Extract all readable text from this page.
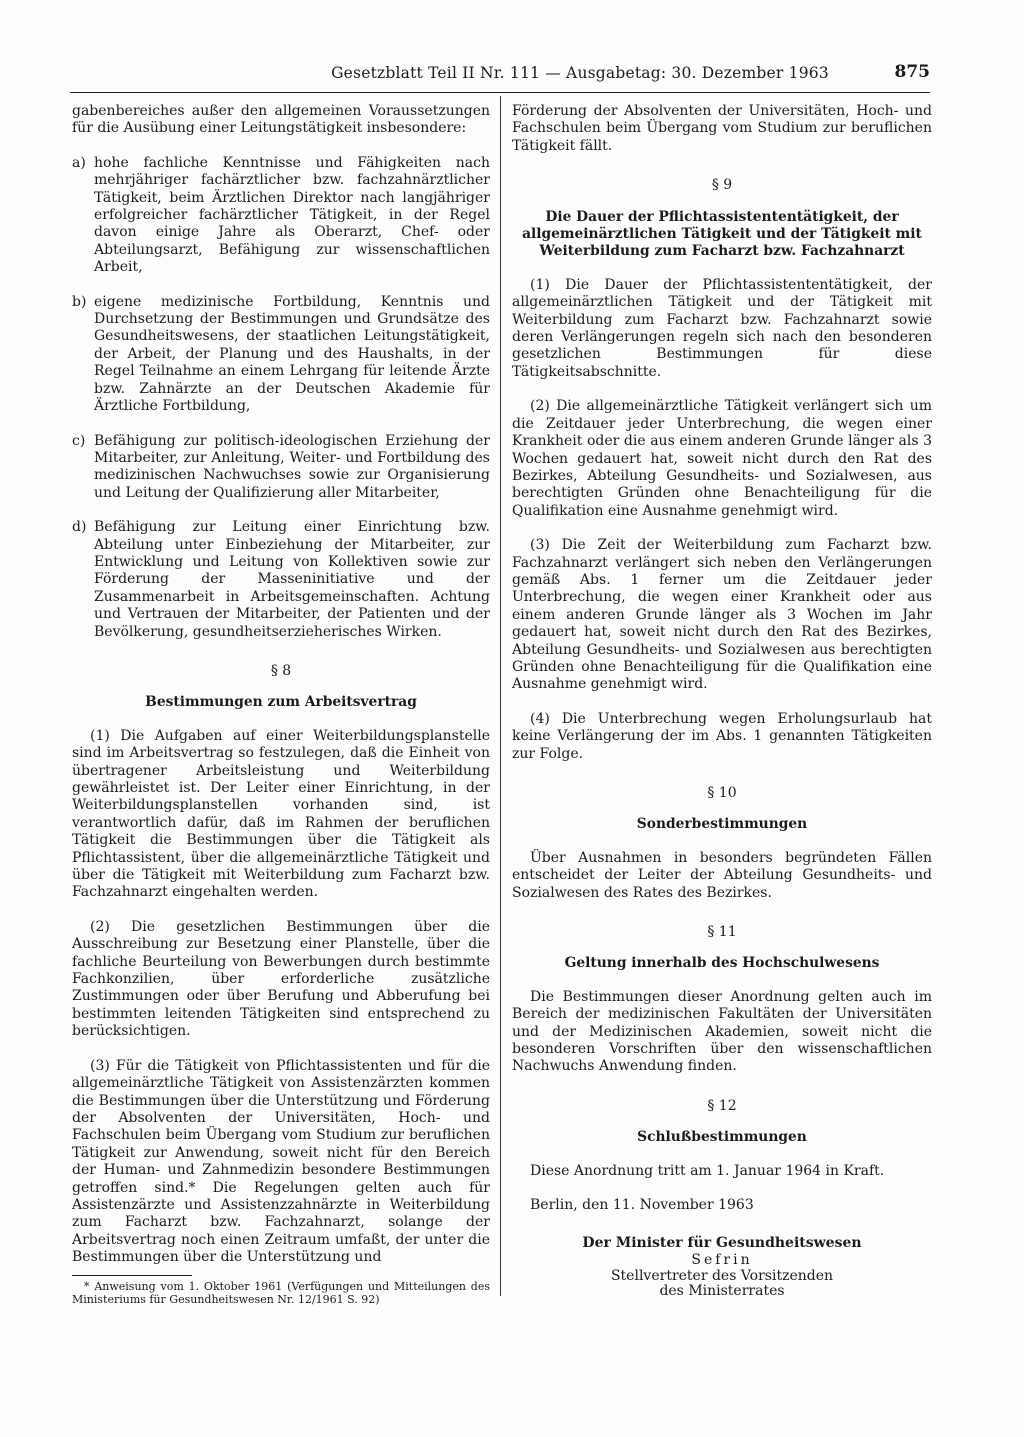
Gesetzblatt Teil II Nr. 111 — Ausgabetag: 30. Dezember 1963	875

gabenbereiches außer den allgemeinen Voraussetzungen für die Ausübung einer Leitungstätigkeit insbesondere:

a) hohe fachliche Kenntnisse und Fähigkeiten nach mehrjähriger fachärztlicher bzw. fachzahnärztlicher Tätigkeit, beim Ärztlichen Direktor nach langjähriger erfolgreicher fachärztlicher Tätigkeit, in der Regel davon einige Jahre als Oberarzt, Chef- oder Abteilungsarzt, Befähigung zur wissenschaftlichen Arbeit,
b) eigene medizinische Fortbildung, Kenntnis und Durchsetzung der Bestimmungen und Grundsätze des Gesundheitswesens, der staatlichen Leitungstätigkeit, der Arbeit, der Planung und des Haushalts, in der Regel Teilnahme an einem Lehrgang für leitende Ärzte bzw. Zahnärzte an der Deutschen Akademie für Ärztliche Fortbildung,
c) Befähigung zur politisch-ideologischen Erziehung der Mitarbeiter, zur Anleitung, Weiter- und Fortbildung des medizinischen Nachwuchses sowie zur Organisierung und Leitung der Qualifizierung aller Mitarbeiter,
d) Befähigung zur Leitung einer Einrichtung bzw. Abteilung unter Einbeziehung der Mitarbeiter, zur Entwicklung und Leitung von Kollektiven sowie zur Förderung der Masseninitiative und der Zusammenarbeit in Arbeitsgemeinschaften. Achtung und Vertrauen der Mitarbeiter, der Patienten und der Bevölkerung, gesundheitserzieherisches Wirken.

§ 8

Bestimmungen zum Arbeitsvertrag

(1) Die Aufgaben auf einer Weiterbildungsplanstelle sind im Arbeitsvertrag so festzulegen, daß die Einheit von übertragener Arbeitsleistung und Weiterbildung gewährleistet ist. Der Leiter einer Einrichtung, in der Weiterbildungsplanstellen vorhanden sind, ist verantwortlich dafür, daß im Rahmen der beruflichen Tätigkeit die Bestimmungen über die Tätigkeit als Pflichtassistent, über die allgemeinärztliche Tätigkeit und über die Tätigkeit mit Weiterbildung zum Facharzt bzw. Fachzahnarzt eingehalten werden.

(2) Die gesetzlichen Bestimmungen über die Ausschreibung zur Besetzung einer Planstelle, über die fachliche Beurteilung von Bewerbungen durch bestimmte Fachkonzilien, über erforderliche zusätzliche Zustimmungen oder über Berufung und Abberufung bei bestimmten leitenden Tätigkeiten sind entsprechend zu berücksichtigen.

(3) Für die Tätigkeit von Pflichtassistenten und für die allgemeinärztliche Tätigkeit von Assistenzärzten kommen die Bestimmungen über die Unterstützung und Förderung der Absolventen der Universitäten, Hoch- und Fachschulen beim Übergang vom Studium zur beruflichen Tätigkeit zur Anwendung, soweit nicht für den Bereich der Human- und Zahnmedizin besondere Bestimmungen getroffen sind.* Die Regelungen gelten auch für Assistenzärzte und Assistenzzahnärzte in Weiterbildung zum Facharzt bzw. Fachzahnarzt, solange der Arbeitsvertrag noch einen Zeitraum umfaßt, der unter die Bestimmungen über die Unterstützung und

* Anweisung vom 1. Oktober 1961 (Verfügungen und Mitteilungen des Ministeriums für Gesundheitswesen Nr. 12/1961 S. 92)

Förderung der Absolventen der Universitäten, Hoch- und Fachschulen beim Übergang vom Studium zur beruflichen Tätigkeit fällt.

§ 9

Die Dauer der Pflichtassistententätigkeit, der allgemeinärztlichen Tätigkeit und der Tätigkeit mit Weiterbildung zum Facharzt bzw. Fachzahnarzt

(1) Die Dauer der Pflichtassistententätigkeit, der allgemeinärztlichen Tätigkeit und der Tätigkeit mit Weiterbildung zum Facharzt bzw. Fachzahnarzt sowie deren Verlängerungen regeln sich nach den besonderen gesetzlichen Bestimmungen für diese Tätigkeitsabschnitte.

(2) Die allgemeinärztliche Tätigkeit verlängert sich um die Zeitdauer jeder Unterbrechung, die wegen einer Krankheit oder die aus einem anderen Grunde länger als 3 Wochen gedauert hat, soweit nicht durch den Rat des Bezirkes, Abteilung Gesundheits- und Sozialwesen, aus berechtigten Gründen ohne Benachteiligung für die Qualifikation eine Ausnahme genehmigt wird.

(3) Die Zeit der Weiterbildung zum Facharzt bzw. Fachzahnarzt verlängert sich neben den Verlängerungen gemäß Abs. 1 ferner um die Zeitdauer jeder Unterbrechung, die wegen einer Krankheit oder aus einem anderen Grunde länger als 3 Wochen im Jahr gedauert hat, soweit nicht durch den Rat des Bezirkes, Abteilung Gesundheits- und Sozialwesen aus berechtigten Gründen ohne Benachteiligung für die Qualifikation eine Ausnahme genehmigt wird.

(4) Die Unterbrechung wegen Erholungsurlaub hat keine Verlängerung der im Abs. 1 genannten Tätigkeiten zur Folge.

§ 10

Sonderbestimmungen

Über Ausnahmen in besonders begründeten Fällen entscheidet der Leiter der Abteilung Gesundheits- und Sozialwesen des Rates des Bezirkes.

§ 11

Geltung innerhalb des Hochschulwesens

Die Bestimmungen dieser Anordnung gelten auch im Bereich der medizinischen Fakultäten der Universitäten und der Medizinischen Akademien, soweit nicht die besonderen Vorschriften über den wissenschaftlichen Nachwuchs Anwendung finden.

§ 12

Schlußbestimmungen

Diese Anordnung tritt am 1. Januar 1964 in Kraft.

Berlin, den 11. November 1963

Der Minister für Gesundheitswesen

Sefrin

Stellvertreter des Vorsitzenden

des Ministerrates
